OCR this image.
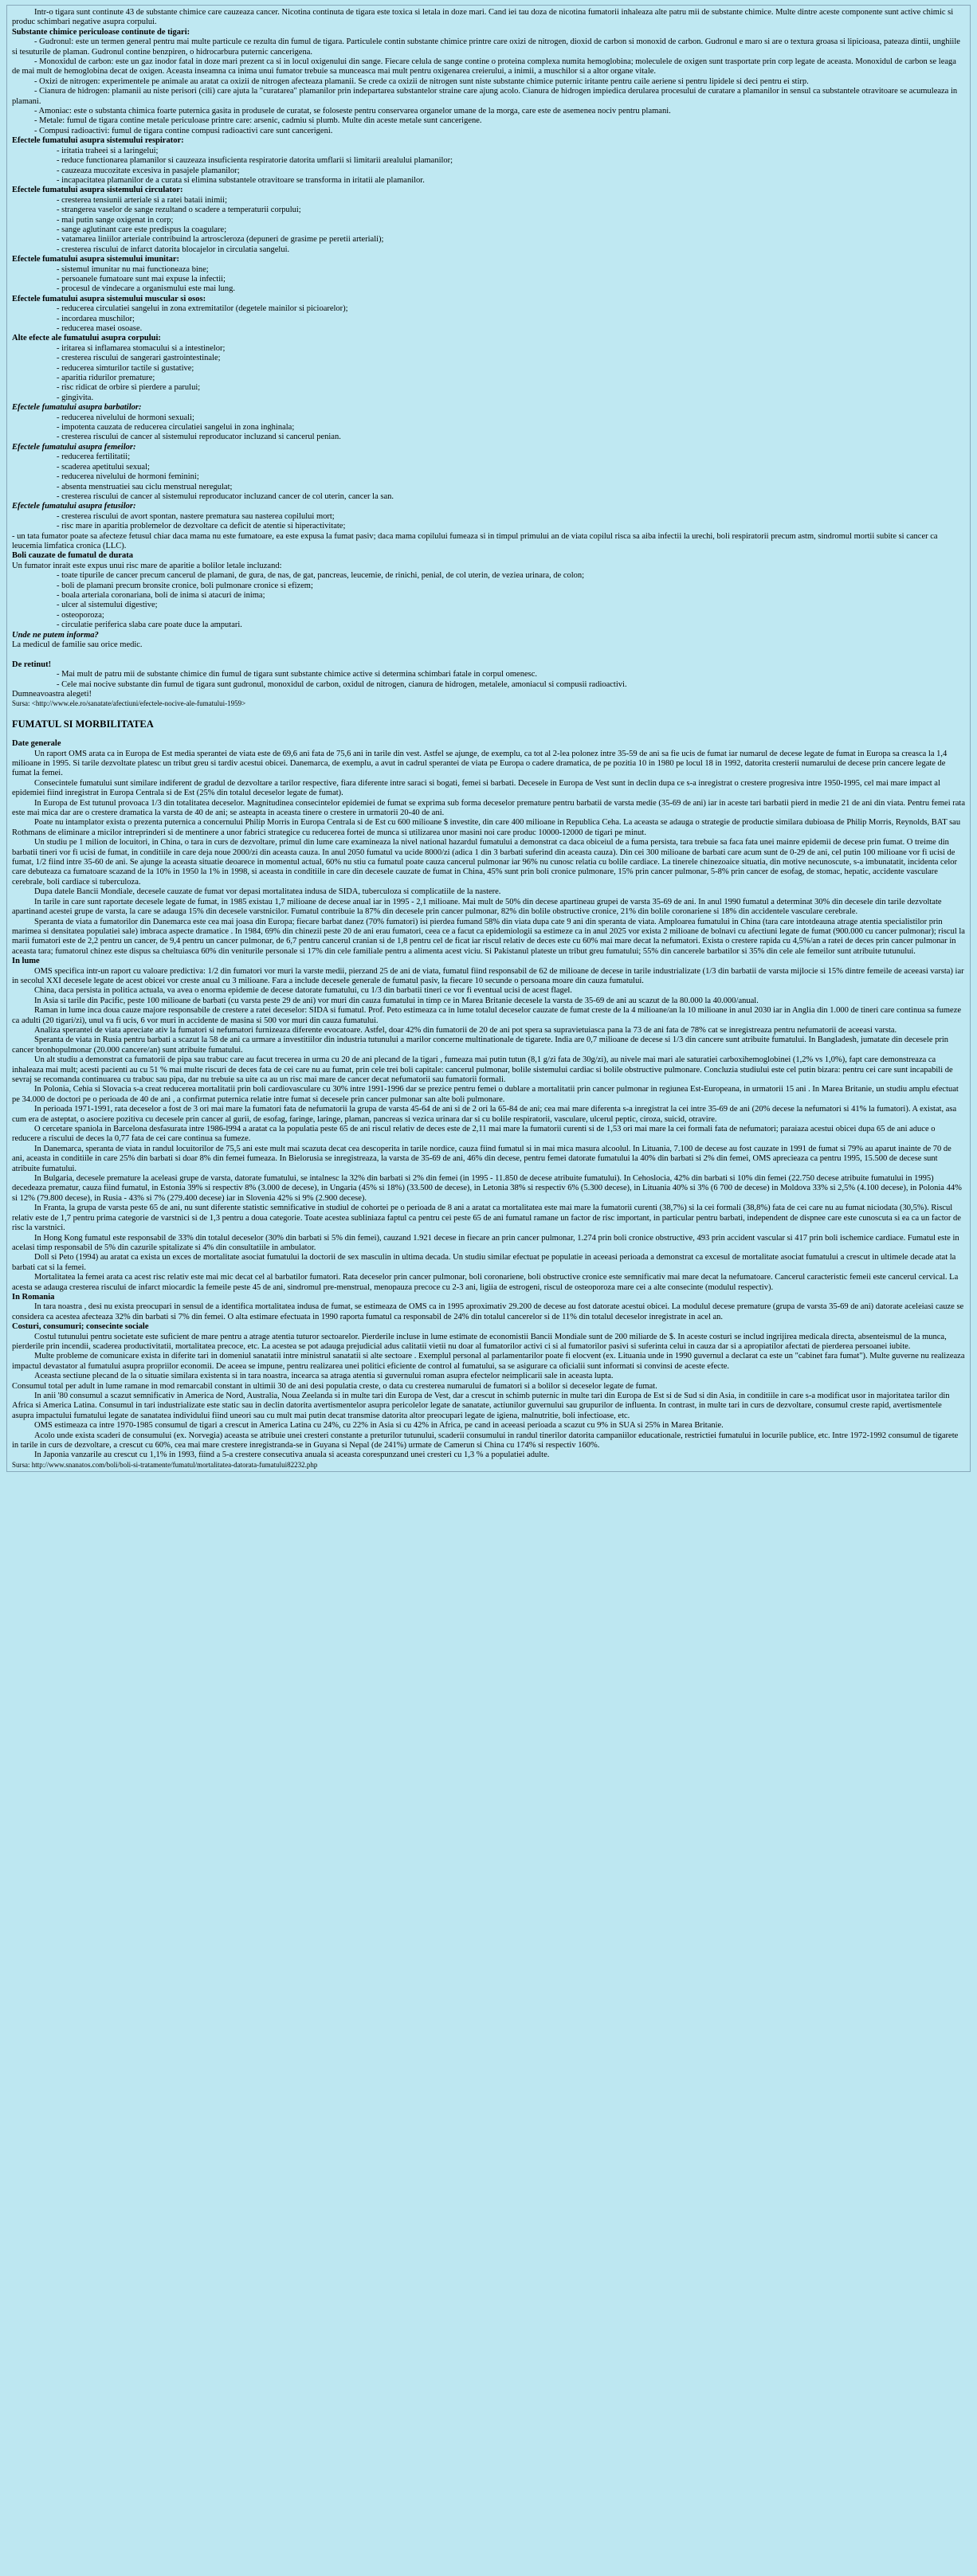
Intr-o tigara sunt continute 43 de substante chimice care cauzeaza cancer. Nicotina continuta de tigara este toxica si letala in doze mari. Cand iei tau doza de nicotina fumatorii inhaleaza alte patru mii de substante chimice. Multe dintre aceste componente sunt active chimic si produc schimbari negative asupra corpului.

Substante chimice periculoase continute de tigari:

- Gudronul: este un termen general pentru mai multe particule ce rezulta din fumul de tigara. Particulele contin substante chimice printre care oxizi de nitrogen, dioxid de carbon si monoxid de carbon. Gudronul e maro si are o textura groasa si lipicioasa, pateaza dintii, unghiile si tesuturile de plaman. Gudronul contine benzpiren, o hidrocarbura puternic cancerigena.

- Monoxidul de carbon: este un gaz inodor fatal in doze mari prezent ca si in locul oxigenului din sange. Fiecare celula de sange contine o proteina complexa numita hemoglobina; moleculele de oxigen sunt trasportate prin corp legate de aceasta. Monoxidul de carbon se leaga de mai mult de hemoglobina decat de oxigen. Aceasta inseamna ca inima unui fumator trebuie sa munceasca mai mult pentru oxigenarea creierului, a inimii, a muschilor si a altor organe vitale.

- Oxizi de nitrogen: experimentele pe animale au aratat ca oxizii de nitrogen afecteaza plamanii. Se crede ca oxizii de nitrogen sunt niste substante chimice puternic iritante pentru caile aeriene si pentru lipidele si deci pentru ei stirp.

- Cianura de hidrogen: plamanii au niste perisori (cili) care ajuta la "curatarea" plamanilor prin indepartarea substantelor straine care ajung acolo. Cianura de hidrogen impiedica derularea procesului de curatare a plamanilor in sensul ca substantele otravitoare se acumuleaza in plamani.

- Amoniac: este o substanta chimica foarte puternica gasita in produsele de curatat, se foloseste pentru conservarea organelor umane de la morga, care este de asemenea nociv pentru plamani.

- Metale: fumul de tigara contine metale periculoase printre care: arsenic, cadmiu si plumb. Multe din aceste metale sunt cancerigene.

- Compusi radioactivi: fumul de tigara contine compusi radioactivi care sunt cancerigeni.

Efectele fumatului asupra sistemului respirator:

- iritatia traheei si a laringelui;

- reduce functionarea plamanilor si cauzeaza insuficienta respiratorie datorita umflarii si limitarii arealului plamanilor;

- cauzeaza mucozitate excesiva in pasajele plamanilor;

- incapacitatea plamanilor de a curata si elimina substantele otravitoare se transforma in iritatii ale plamanilor.

Efectele fumatului asupra sistemului circulator:

- cresterea tensiunii arteriale si a ratei bataii inimii;

- strangerea vaselor de sange rezultand o scadere a temperaturii corpului;

- mai putin sange oxigenat in corp;

- sange aglutinant care este predispus la coagulare;

- vatamarea liniilor arteriale contribuind la artroscleroza (depuneri de grasime pe peretii arteriali);

- cresterea riscului de infarct datorita blocajelor in circulatia sangelui.

Efectele fumatului asupra sistemului imunitar:

- sistemul imunitar nu mai functioneaza bine;

- persoanele fumatoare sunt mai expuse la infectii;

- procesul de vindecare a organismului este mai lung.

Efectele fumatului asupra sistemului muscular si osos:

- reducerea circulatiei sangelui in zona extremitatilor (degetele mainilor si picioarelor);

- incordarea muschilor;

- reducerea masei osoase.

Alte efecte ale fumatului asupra corpului:

- iritarea si inflamarea stomacului si a intestinelor;

- cresterea riscului de sangerari gastrointestinale;

- reducerea simturilor tactile si gustative;

- aparitia ridurilor premature;

- risc ridicat de orbire si pierdere a parului;

- gingivita.

Efectele fumatului asupra barbatilor:

- reducerea nivelului de hormoni sexuali;

- impotenta cauzata de reducerea circulatiei sangelui in zona inghinala;

- cresterea riscului de cancer al sistemului reproducator incluzand si cancerul penian.

Efectele fumatului asupra femeilor:

- reducerea fertilitatii;

- scaderea apetitului sexual;

- reducerea nivelului de hormoni feminini;

- absenta menstruatiei sau ciclu menstrual neregulat;

- cresterea riscului de cancer al sistemului reproducator incluzand cancer de col uterin, cancer la san.

Efectele fumatului asupra fetusilor:

- cresterea riscului de avort spontan, nastere prematura sau nasterea copilului mort;

- risc mare in aparitia problemelor de dezvoltare ca deficit de atentie si hiperactivitate;

- un tata fumator poate sa afecteze fetusul chiar daca mama nu este fumatoare, ea este expusa la fumat pasiv; daca mama copilului fumeaza si in timpul primului an de viata copilul risca sa aiba infectii la urechi, boli respiratorii precum astm, sindromul mortii subite si cancer ca leucemia limfatica cronica (LLC).

Boli cauzate de fumatul de durata

Un fumator inrait este expus unui risc mare de aparitie a bolilor letale incluzand:

- toate tipurile de cancer precum cancerul de plamani, de gura, de nas, de gat, pancreas, leucemie, de rinichi, penial, de col uterin, de veziea urinara, de colon;

- boli de plamani precum bronsite cronice, boli pulmonare cronice si efizem;

- boala arteriala coronariana, boli de inima si atacuri de inima;

- ulcer al sistemului digestive;

- osteoporoza;

- circulatie periferica slaba care poate duce la amputari.

Unde ne putem informa?

La medicul de familie sau orice medic.

De retinut!

- Mai mult de patru mii de substante chimice din fumul de tigara sunt substante chimice active si determina schimbari fatale in corpul omenesc.

- Cele mai nocive substante din fumul de tigara sunt gudronul, monoxidul de carbon, oxidul de nitrogen, cianura de hidrogen, metalele, amoniacul si compusii radioactivi.

Dumneavoastra alegeti!

Sursa: <http://www.ele.ro/sanatate/afectiuni/efectele-nocive-ale-fumatului-1959>

FUMATUL SI MORBILITATEA

Date generale

Un raport OMS arata ca in Europa de Est media sperantei de viata este de 69,6 ani fata de 75,6 ani in tarile din vest. Astfel se ajunge, de exemplu, ca tot al 2-lea polonez intre 35-59 de ani sa fie ucis de fumat iar numarul de decese legate de fumat in Europa sa creasca la 1,4 milioane in 1995. Si tarile dezvoltate platesc un tribut greu si tardiv acestui obicei. Danemarca, de exemplu, a avut in cadrul sperantei de viata pe Europa o cadere dramatica, de pe pozitia 10 in 1980 pe locul 18 in 1992, datorita cresterii numarului de decese prin cancere legate de fumat la femei.

Consecintele fumatului sunt similare indiferent de gradul de dezvoltare a tarilor respective, fiara diferente intre saraci si bogati, femei si barbati. Decesele in Europa de Vest sunt in declin dupa ce s-a inregistrat o crestere progresiva intre 1950-1995, cel mai mare impact al epidemiei fiind inregistrat in Europa Centrala si de Est (25% din totalul deceselor legate de fumat).

In Europa de Est tutunul provoaca 1/3 din totalitatea deceselor. Magnitudinea consecintelor epidemiei de fumat se exprima sub forma deceselor premature pentru barbatii de varsta medie (35-69 de ani) iar in aceste tari barbatii pierd in medie 21 de ani din viata. Pentru femei rata este mai mica dar are o crestere dramatica la varsta de 40 de ani; se asteapta in aceasta tinere o crestere in urmatorii 20-40 de ani.

Poate nu intamplator exista o prezenta puternica a concernului Philip Morris in Europa Centrala si de Est cu 600 milioane $ investite, din care 400 milioane in Republica Ceha. La aceasta se adauga o strategie de productie similara dubioasa de Philip Morris, Reynolds, BAT sau Rothmans de eliminare a micilor intreprinderi si de mentinere a unor fabrici strategice cu reducerea fortei de munca si utilizarea unor masini noi care produc 10000-12000 de tigari pe minut.

Un studiu pe 1 milion de locuitori, in China, o tara in curs de dezvoltare, primul din lume care examineaza la nivel national hazardul fumatului a demonstrat ca daca obiceiul de a fuma persista, tara trebuie sa faca fata unei mainre epidemii de decese prin fumat. O treime din barbatii tineri vor fi ucisi de fumat, in conditiile in care deja noue 2000/zi din aceasta cauza. In anul 2050 fumatul va ucide 8000/zi (adica 1 din 3 barbati suferind din aceasta cauza). Din cei 300 milioane de barbati care acum sunt de 0-29 de ani, cel putin 100 milioane vor fi ucisi de fumat, 1/2 fiind intre 35-60 de ani. Se ajunge la aceasta situatie deoarece in momentul actual, 60% nu stiu ca fumatul poate cauza cancerul pulmonar iar 96% nu cunosc relatia cu bolile cardiace. La tinerele chinezoaice situatia, din motive necunoscute, s-a imbunatatit, incidenta celor care debuteaza ca fumatoare scazand de la 10% in 1950 la 1% in 1998, si aceasta in conditiile in care din decesele cauzate de fumat in China, 45% sunt prin boli cronice pulmonare, 15% prin cancer pulmonar, 5-8% prin cancer de esofag, de stomac, hepatic, accidente vasculare cerebrale, boli cardiace si tuberculoza.

Dupa datele Bancii Mondiale, decesele cauzate de fumat vor depasi mortalitatea indusa de SIDA, tuberculoza si complicatiile de la nastere.

In tarile in care sunt raportate decesele legate de fumat, in 1985 existau 1,7 milioane de decese anual iar in 1995 - 2,1 milioane. Mai mult de 50% din decese apartineau grupei de varsta 35-69 de ani. In anul 1990 fumatul a determinat 30% din decesele din tarile dezvoltate apartinand acestei grupe de varsta, la care se adauga 15% din decesele varstnicilor. Fumatul contribuie la 87% din decesele prin cancer pulmonar, 82% din bolile obstructive cronice, 21% din bolile coronariene si 18% din accidentele vasculare cerebrale.

Speranta de viata a fumatorilor din Danemarca este cea mai joasa din Europa; fiecare barbat danez (70% fumatori) isi pierdea fumand 58% din viata dupa cate 9 ani din speranta de viata. Amploarea fumatului in China (tara care intotdeauna atrage atentia specialistilor prin marimea si densitatea populatiei sale) imbraca aspecte dramatice . In 1984, 69% din chinezii peste 20 de ani erau fumatori, ceea ce a facut ca epidemiologii sa estimeze ca in anul 2025 vor exista 2 milioane de bolnavi cu afectiuni legate de fumat (900.000 cu cancer pulmonar); riscul la marii fumatori este de 2,2 pentru un cancer, de 9,4 pentru un cancer pulmonar, de 6,7 pentru cancerul cranian si de 1,8 pentru cel de ficat iar riscul relativ de deces este cu 60% mai mare decat la nefumatori. Exista o crestere rapida cu 4,5%/an a ratei de deces prin cancer pulmonar in aceasta tara; fumatorul chinez este dispus sa cheltuiasca 60% din veniturile personale si 17% din cele familiale pentru a alimenta acest viciu. Si Pakistanul plateste un tribut greu fumatului; 55% din cancerele barbatilor si 35% din cele ale femeilor sunt atribuite tutunului.

In lume

OMS specifica intr-un raport cu valoare predictiva: 1/2 din fumatori vor muri la varste medii, pierzand 25 de ani de viata, fumatul fiind responsabil de 62 de milioane de decese in tarile industrializate (1/3 din barbatii de varsta mijlocie si 15% dintre femeile de aceeasi varsta) iar in secolul XXI decesele legate de acest obicei vor creste anual cu 3 milioane. Fara a include decesele generale de fumatul pasiv, la fiecare 10 secunde o persoana moare din cauza fumatului.

China, daca persista in politica actuala, va avea o enorma epidemie de decese datorate fumatului, cu 1/3 din barbatii tineri ce vor fi eventual ucisi de acest flagel.

In Asia si tarile din Pacific, peste 100 milioane de barbati (cu varsta peste 29 de ani) vor muri din cauza fumatului in timp ce in Marea Britanie decesele la varsta de 35-69 de ani au scazut de la 80.000 la 40.000/anual.

Raman in lume inca doua cauze majore responsabile de crestere a ratei deceselor: SIDA si fumatul. Prof. Peto estimeaza ca in lume totalul deceselor cauzate de fumat creste de la 4 milioane/an la 10 milioane in anul 2030 iar in Anglia din 1.000 de tineri care continua sa fumeze ca adulti (20 tigari/zi), unul va fi ucis, 6 vor muri in accidente de masina si 500 vor muri din cauza fumatului.

Analiza sperantei de viata apreciate ativ la fumatori si nefumatori furnizeaza diferente evocatoare. Astfel, doar 42% din fumatorii de 20 de ani pot spera sa supravietuiasca pana la 73 de ani fata de 78% cat se inregistreaza pentru nefumatorii de aceeasi varsta.

Speranta de viata in Rusia pentru barbati a scazut la 58 de ani ca urmare a investitiilor din industria tutunului a marilor concerne multinationale de tigarete. India are 0,7 milioane de decese si 1/3 din cancere sunt atribuite fumatului. In Bangladesh, jumatate din decesele prin cancer bronhopulmonar (20.000 cancere/an) sunt atribuite fumatului.

Un alt studiu a demonstrat ca fumatorii de pipa sau trabuc care au facut trecerea in urma cu 20 de ani plecand de la tigari , fumeaza mai putin tutun (8,1 g/zi fata de 30g/zi), au nivele mai mari ale saturatiei carboxihemoglobinei (1,2% vs 1,0%), fapt care demonstreaza ca inhaleaza mai mult; acesti pacienti au cu 51 % mai multe riscuri de deces fata de cei care nu au fumat, prin cele trei boli capitale: cancerul pulmonar, bolile sistemului cardiac si bolile obstructive pulmonare. Concluzia studiului este cel putin bizara: pentru cei care sunt incapabili de sevraj se recomanda continuarea cu trabuc sau pipa, dar nu trebuie sa uite ca au un risc mai mare de cancer decat nefumatorii sau fumatorii formali.

In Polonia, Cehia si Slovacia s-a creat reducerea mortalitatii prin boli cardiovasculare cu 30% intre 1991-1996 dar se prezice pentru femei o dublare a mortalitatii prin cancer pulmonar in regiunea Est-Europeana, in urmatorii 15 ani . In Marea Britanie, un studiu amplu efectuat pe 34.000 de doctori pe o perioada de 40 de ani , a confirmat puternica relatie intre fumat si decesele prin cancer pulmonar san alte boli pulmonare.

In perioada 1971-1991, rata deceselor a fost de 3 ori mai mare la fumatori fata de nefumatorii la grupa de varsta 45-64 de ani si de 2 ori la 65-84 de ani; cea mai mare diferenta s-a inregistrat la cei intre 35-69 de ani (20% decese la nefumatori si 41% la fumatori). A existat, asa cum era de asteptat, o asociere pozitiva cu decesele prin cancer al gurii, de esofag, faringe, laringe, plaman, pancreas si vezica urinara dar si cu bolile respiratorii, vasculare, ulcerul peptic, ciroza, suicid, otravire.

O cercetare spaniola in Barcelona desfasurata intre 1986-l994 a aratat ca la populatia peste 65 de ani riscul relativ de deces este de 2,11 mai mare la fumatorii curenti si de 1,53 ori mai mare la cei formali fata de nefumatori; paraiaza acestui obicei dupa 65 de ani aduce o reducere a riscului de deces la 0,77 fata de cei care continua sa fumeze.

In Danemarca, speranta de viata in randul locuitorilor de 75,5 ani este mult mai scazuta decat cea descoperita in tarile nordice, cauza fiind fumatul si in mai mica masura alcoolul. In Lituania, 7.100 de decese au fost cauzate in 1991 de fumat si 79% au aparut inainte de 70 de ani, aceasta in conditiile in care 25% din barbati si doar 8% din femei fumeaza. In Bielorusia se inregistreaza, la varsta de 35-69 de ani, 46% din decese, pentru femei datorate fumatului la 40% din barbati si 2% din femei, OMS aprecieaza ca pentru 1995, 15.500 de decese sunt atribuite fumatului.

In Bulgaria, decesele premature la aceleasi grupe de varsta, datorate fumatului, se intalnesc la 32% din barbati si 2% din femei (in 1995 - 11.850 de decese atribuite fumatului). In Cehoslocia, 42% din barbati si 10% din femei (22.750 decese atribuite fumatului in 1995) decedeaza prematur, cauza fiind fumatul, in Estonia 39% si respectiv 8% (3.000 de decese), in Ungaria (45% si 18%) (33.500 de decese), in Letonia 38% si respectiv 6% (5.300 decese), in Lituania 40% si 3% (6 700 de decese) in Moldova 33% si 2,5% (4.100 decese), in Polonia 44% si 12% (79.800 decese), in Rusia - 43% si 7% (279.400 decese) iar in Slovenia 42% si 9% (2.900 decese).

In Franta, la grupa de varsta peste 65 de ani, nu sunt diferente statistic semnificative in studiul de cohortei pe o perioada de 8 ani a aratat ca mortalitatea este mai mare la fumatorii curenti (38,7%) si la cei formali (38,8%) fata de cei care nu au fumat niciodata (30,5%). Riscul relativ este de 1,7 pentru prima categorie de varstnici si de 1,3 pentru a doua categorie. Toate acestea subliniaza faptul ca pentru cei peste 65 de ani fumatul ramane un factor de risc important, in particular pentru barbati, independent de dispnee care este cunoscuta si ea ca un factor de risc la varstnici.

In Hong Kong fumatul este responsabil de 33% din totalul deceselor (30% din barbati si 5% din femei), cauzand 1.921 decese in fiecare an prin cancer pulmonar, 1.274 prin boli cronice obstructive, 493 prin accident vascular si 417 prin boli ischemice cardiace. Fumatul este in acelasi timp responsabil de 5% din cazurile spitalizate si 4% din consultatiile in ambulator.

Doll si Peto (1994) au aratat ca exista un exces de mortalitate asociat fumatului la doctorii de sex masculin in ultima decada. Un studiu similar efectuat pe populatie in aceeasi perioada a demonstrat ca excesul de mortalitate asociat fumatului a crescut in ultimele decade atat la barbati cat si la femei.

Mortalitatea la femei arata ca acest risc relativ este mai mic decat cel al barbatilor fumatori. Rata deceselor prin cancer pulmonar, boli coronariene, boli obstructive cronice este semnificativ mai mare decat la nefumatoare. Cancerul caracteristic femeii este cancerul cervical. La acesta se adauga cresterea riscului de infarct miocardic la femeile peste 45 de ani, sindromul pre-menstrual, menopauza precoce cu 2-3 ani, ligiia de estrogeni, riscul de osteoporoza mare cei a alte consecinte (modulul respectiv).

In Romania

In tara noastra , desi nu exista preocupari in sensul de a identifica mortalitatea indusa de fumat, se estimeaza de OMS ca in 1995 aproximativ 29.200 de decese au fost datorate acestui obicei. La modulul decese premature (grupa de varsta 35-69 de ani) datorate aceleiasi cauze se considera ca acestea afecteaza 32% din barbati si 7% din femei. O alta estimare efectuata in 1990 raporta fumatul ca responsabil de 24% din totalul cancerelor si de 11% din totalul deceselor inregistrate in acel an.

Costuri, consumuri; consecinte sociale

Costul tutunului pentru societate este suficient de mare pentru a atrage atentia tuturor sectoarelor. Pierderile incluse in lume estimate de economistii Bancii Mondiale sunt de 200 miliarde de $. In aceste costuri se includ ingrijirea medicala directa, absenteismul de la munca, pierderile prin incendii, scaderea productivitatii, mortalitatea precoce, etc. La acestea se pot adauga prejudicial adus calitatii vietii nu doar al fumatorilor activi ci si al fumatorilor pasivi si suferinta celui in cauza dar si a apropiatilor afectati de pierderea persoanei iubite.

Multe probleme de comunicare exista in diferite tari in domeniul sanatatii intre ministrul sanatatii si alte sectoare . Exemplul personal al parlamentarilor poate fi elocvent (ex. Lituania unde in 1990 guvernul a declarat ca este un "cabinet fara fumat"). Multe guverne nu realizeaza impactul devastator al fumatului asupra propriilor economii. De aceea se impune, pentru realizarea unei politici eficiente de control al fumatului, sa se asigurare ca oficialii sunt informati si convinsi de aceste efecte.

Aceasta sectiune plecand de la o situatie similara existenta si in tara noastra, incearca sa atraga atentia si guvernului roman asupra efectelor neimplicarii sale in aceasta lupta.

Consumul total per adult in lume ramane in mod remarcabil constant in ultimii 30 de ani desi populatia creste, o data cu cresterea numarului de fumatori si a bolilor si deceselor legate de fumat.

In anii '80 consumul a scazut semnificativ in America de Nord, Australia, Noua Zeelanda si in multe tari din Europa de Vest, dar a crescut in schimb puternic in multe tari din Europa de Est si de Sud si din Asia, in conditiile in care s-a modificat usor in majoritatea tarilor din Africa si America Latina. Consumul in tari industrializate este static sau in declin datorita avertismentelor asupra pericolelor legate de sanatate, actiunilor guvernului sau grupurilor de influenta. In contrast, in multe tari in curs de dezvoltare, consumul creste rapid, avertismentele asupra impactului fumatului legate de sanatatea individului fiind uneori sau cu mult mai putin decat transmise datorita altor preocupari legate de igiena, malnutritie, boli infectioase, etc.

OMS estimeaza ca intre 1970-1985 consumul de tigari a crescut in America Latina cu 24%, cu 22% in Asia si cu 42% in Africa, pe cand in aceeasi perioada a scazut cu 9% in SUA si 25% in Marea Britanie.

Acolo unde exista scaderi de consumului (ex. Norvegia) aceasta se atribuie unei cresteri constante a preturilor tutunului, scaderii consumului in randul tinerilor datorita campaniilor educationale, restrictiei fumatului in locurile publice, etc. Intre 1972-1992 consumul de tigarete in tarile in curs de dezvoltare, a crescut cu 60%, cea mai mare crestere inregistranda-se in Guyana si Nepal (de 241%) urmate de Camerun si China cu 174% si respectiv 160%.

In Japonia vanzarile au crescut cu 1,1% in 1993, fiind a 5-a crestere consecutiva anuala si aceasta corespunzand unei cresteri cu 1,3 % a populatiei adulte.

Sursa: http://www.snanatos.com/boli/boli-si-tratamente/fumatul/mortalitatea-datorata-fumatului82232.php
